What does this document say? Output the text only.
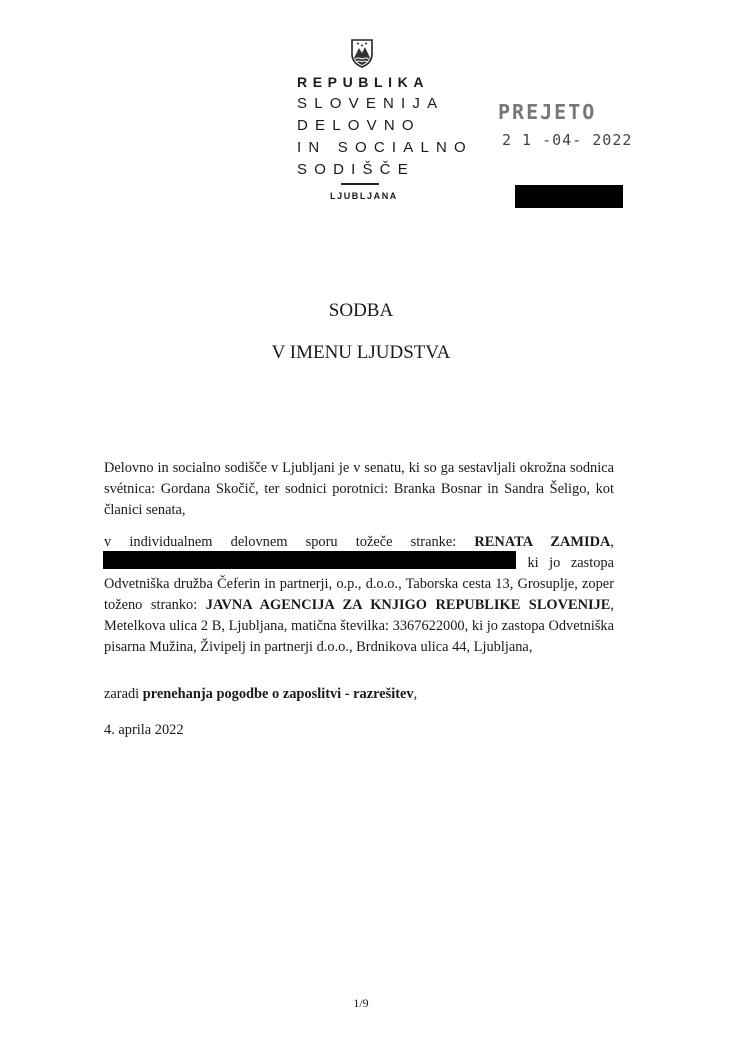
REPUBLIKA
SLOVENIJA
DELOVNO
IN SOCIALNO
SODIŠČE
LJUBLJANA
PREJETO
2 1 -04- 2022
SODBA
V IMENU LJUDSTVA
Delovno in socialno sodišče v Ljubljani je v senatu, ki so ga sestavljali okrožna sodnica svétnica: Gordana Skočič, ter sodnici porotnici: Branka Bosnar in Sandra Šeligo, kot članici senata,
v individualnem delovnem sporu tožeče stranke: RENATA ZAMIDA,
ki jo zastopa Odvetniška družba Čeferin in partnerji, o.p., d.o.o., Taborska cesta 13, Grosuplje, zoper toženo stranko: JAVNA AGENCIJA ZA KNJIGO REPUBLIKE SLOVENIJE, Metelkova ulica 2 B, Ljubljana, matična številka: 3367622000, ki jo zastopa Odvetniška pisarna Mužina, Živipelj in partnerji d.o.o., Brdnikova ulica 44, Ljubljana,
zaradi prenehanja pogodbe o zaposlitvi - razrešitev,
4. aprila 2022
1/9
